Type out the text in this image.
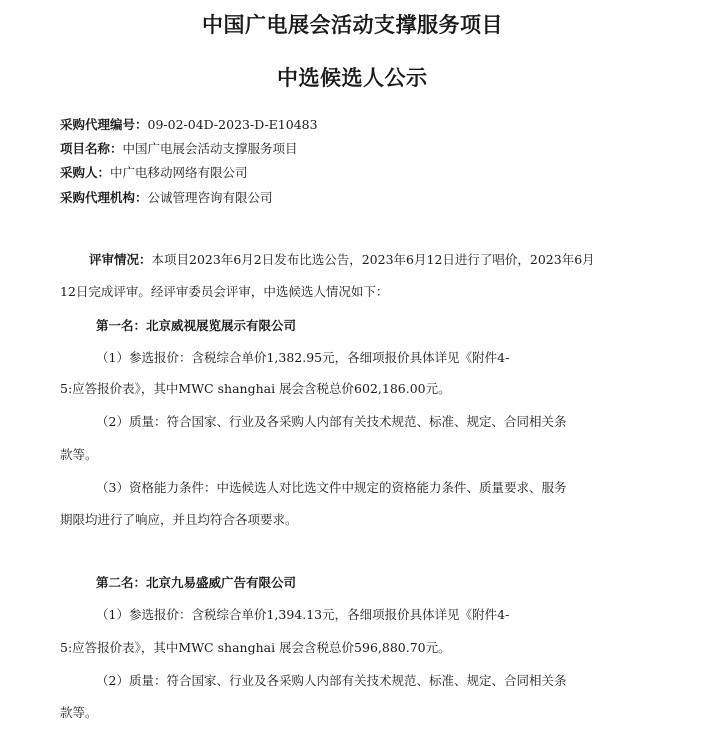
中国广电展会活动支撑服务项目
中选候选人公示
采购代理编号：09-02-04D-2023-D-E10483
项目名称：中国广电展会活动支撑服务项目
采购人：中广电移动网络有限公司
采购代理机构：公诚管理咨询有限公司
评审情况：本项目2023年6月2日发布比选公告，2023年6月12日进行了唱价，2023年6月
12日完成评审。经评审委员会评审，中选候选人情况如下：
第一名：北京威视展览展示有限公司
（1）参选报价：含税综合单价1,382.95元，各细项报价具体详见《附件4-
5:应答报价表》，其中MWC shanghai 展会含税总价602,186.00元。
（2）质量：符合国家、行业及各采购人内部有关技术规范、标准、规定、合同相关条
款等。
（3）资格能力条件：中选候选人对比选文件中规定的资格能力条件、质量要求、服务
期限均进行了响应，并且均符合各项要求。
第二名：北京九易盛威广告有限公司
（1）参选报价：含税综合单价1,394.13元，各细项报价具体详见《附件4-
5:应答报价表》，其中MWC shanghai 展会含税总价596,880.70元。
（2）质量：符合国家、行业及各采购人内部有关技术规范、标准、规定、合同相关条
款等。
